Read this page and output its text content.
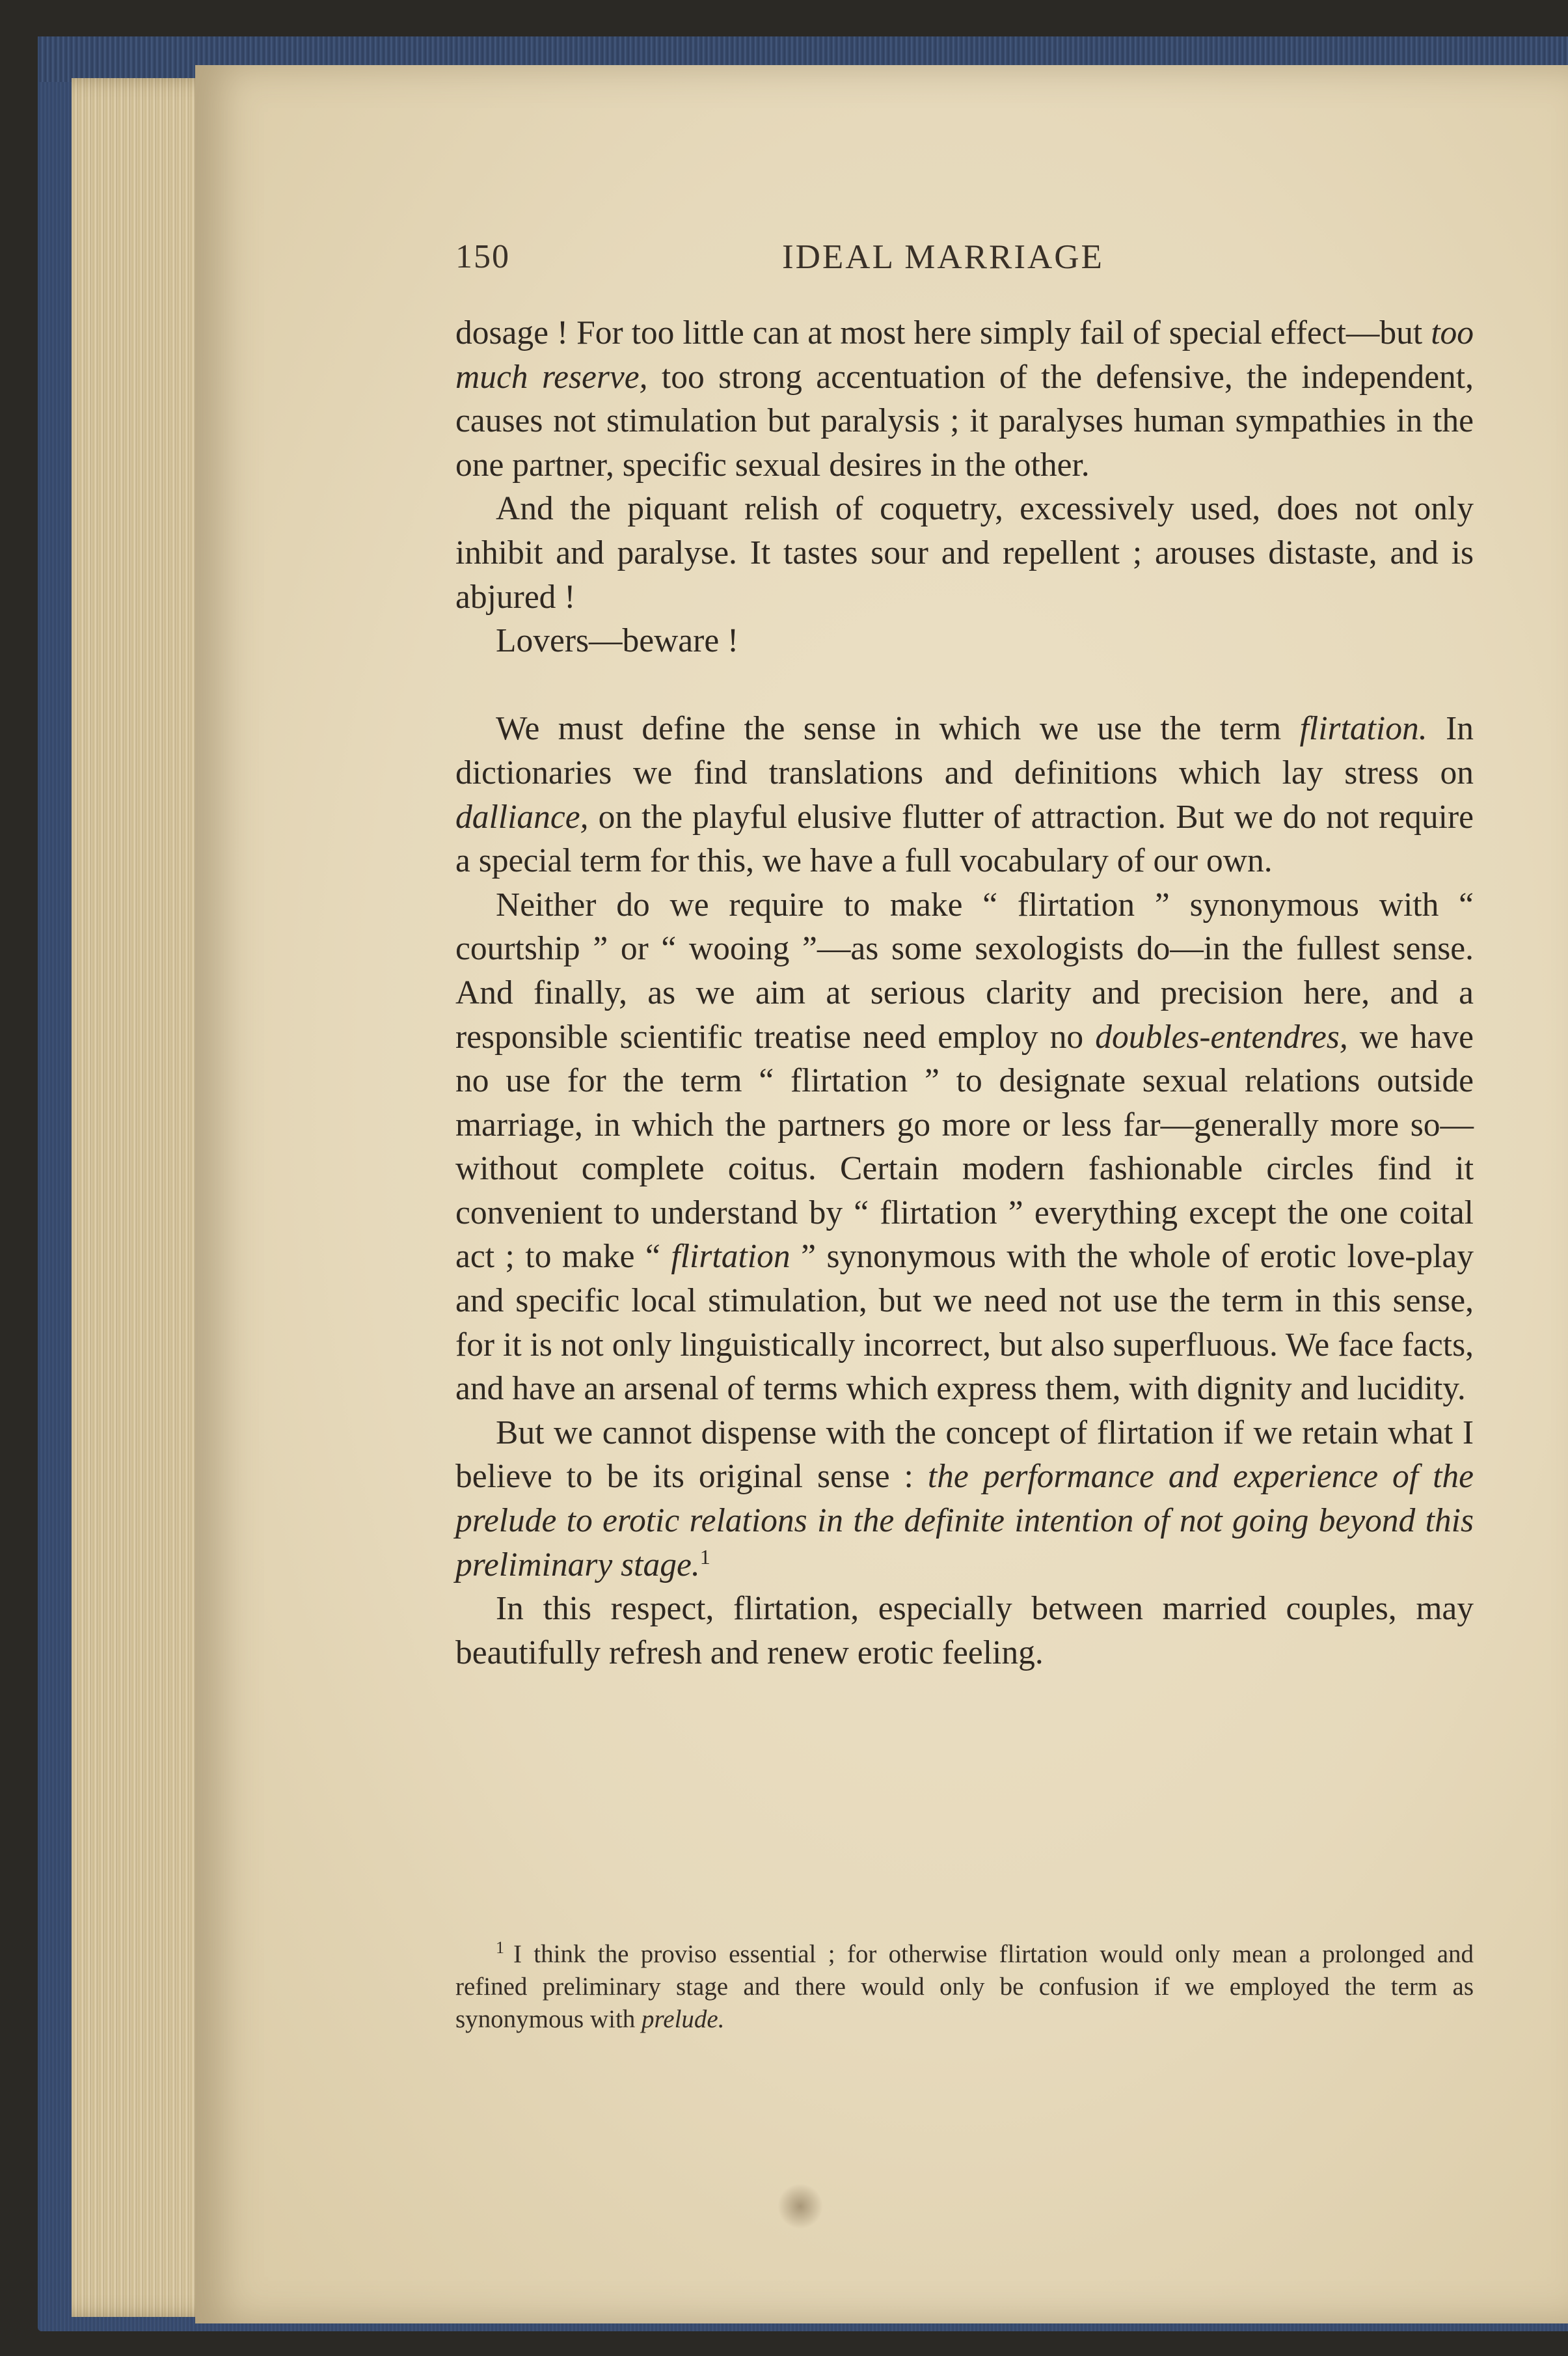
150	IDEAL MARRIAGE

dosage ! For too little can at most here simply fail of special effect—but too much reserve, too strong accentuation of the defensive, the independent, causes not stimulation but paralysis ; it paralyses human sympathies in the one partner, specific sexual desires in the other.

And the piquant relish of coquetry, excessively used, does not only inhibit and paralyse. It tastes sour and repellent ; arouses distaste, and is abjured !

Lovers—beware !

We must define the sense in which we use the term flirtation. In dictionaries we find translations and definitions which lay stress on dalliance, on the playful elusive flutter of attraction. But we do not require a special term for this, we have a full vocabulary of our own.

Neither do we require to make “ flirtation ” synonymous with “ courtship ” or “ wooing ”—as some sexologists do—in the fullest sense. And finally, as we aim at serious clarity and precision here, and a responsible scientific treatise need employ no doubles-entendres, we have no use for the term “ flirtation ” to designate sexual relations outside marriage, in which the partners go more or less far—generally more so—without complete coitus. Certain modern fashionable circles find it convenient to understand by “ flirtation ” everything except the one coital act ; to make “ flirtation ” synonymous with the whole of erotic love-play and specific local stimulation, but we need not use the term in this sense, for it is not only linguistically incorrect, but also superfluous. We face facts, and have an arsenal of terms which express them, with dignity and lucidity.

But we cannot dispense with the concept of flirtation if we retain what I believe to be its original sense : the performance and experience of the prelude to erotic relations in the definite intention of not going beyond this preliminary stage.$^1$

In this respect, flirtation, especially between married couples, may beautifully refresh and renew erotic feeling.

$^1$ I think the proviso essential ; for otherwise flirtation would only mean a prolonged and refined preliminary stage and there would only be confusion if we employed the term as synonymous with prelude.
